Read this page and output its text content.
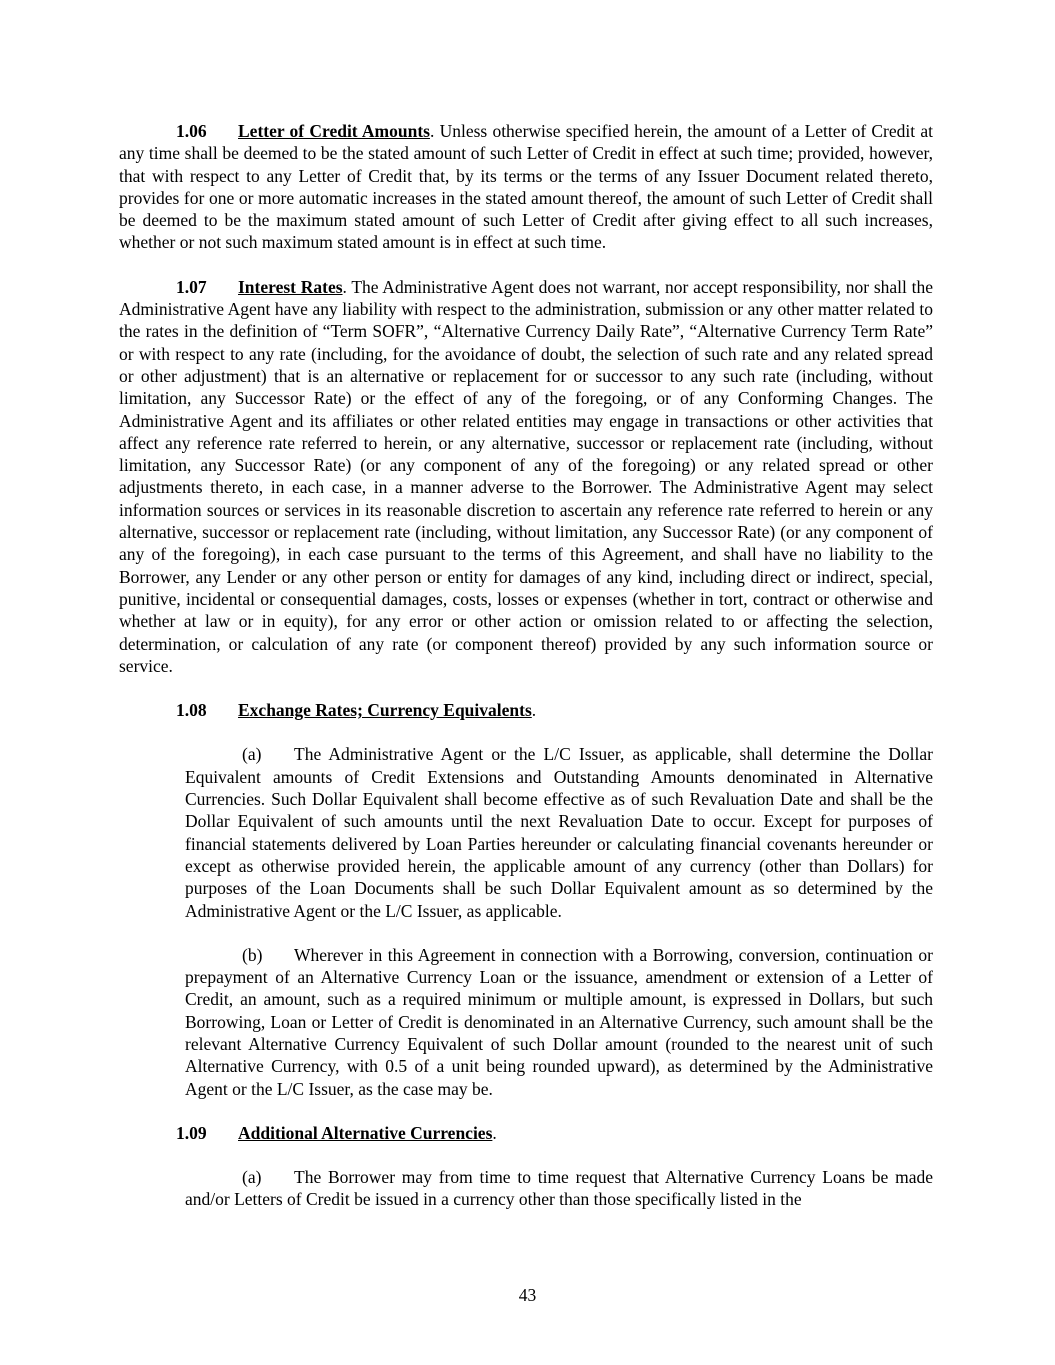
1.06 Letter of Credit Amounts. Unless otherwise specified herein, the amount of a Letter of Credit at any time shall be deemed to be the stated amount of such Letter of Credit in effect at such time; provided, however, that with respect to any Letter of Credit that, by its terms or the terms of any Issuer Document related thereto, provides for one or more automatic increases in the stated amount thereof, the amount of such Letter of Credit shall be deemed to be the maximum stated amount of such Letter of Credit after giving effect to all such increases, whether or not such maximum stated amount is in effect at such time.

1.07 Interest Rates. The Administrative Agent does not warrant, nor accept responsibility, nor shall the Administrative Agent have any liability with respect to the administration, submission or any other matter related to the rates in the definition of “Term SOFR”, “Alternative Currency Daily Rate”, “Alternative Currency Term Rate” or with respect to any rate (including, for the avoidance of doubt, the selection of such rate and any related spread or other adjustment) that is an alternative or replacement for or successor to any such rate (including, without limitation, any Successor Rate) or the effect of any of the foregoing, or of any Conforming Changes. The Administrative Agent and its affiliates or other related entities may engage in transactions or other activities that affect any reference rate referred to herein, or any alternative, successor or replacement rate (including, without limitation, any Successor Rate) (or any component of any of the foregoing) or any related spread or other adjustments thereto, in each case, in a manner adverse to the Borrower. The Administrative Agent may select information sources or services in its reasonable discretion to ascertain any reference rate referred to herein or any alternative, successor or replacement rate (including, without limitation, any Successor Rate) (or any component of any of the foregoing), in each case pursuant to the terms of this Agreement, and shall have no liability to the Borrower, any Lender or any other person or entity for damages of any kind, including direct or indirect, special, punitive, incidental or consequential damages, costs, losses or expenses (whether in tort, contract or otherwise and whether at law or in equity), for any error or other action or omission related to or affecting the selection, determination, or calculation of any rate (or component thereof) provided by any such information source or service.

1.08 Exchange Rates; Currency Equivalents.

(a) The Administrative Agent or the L/C Issuer, as applicable, shall determine the Dollar Equivalent amounts of Credit Extensions and Outstanding Amounts denominated in Alternative Currencies. Such Dollar Equivalent shall become effective as of such Revaluation Date and shall be the Dollar Equivalent of such amounts until the next Revaluation Date to occur. Except for purposes of financial statements delivered by Loan Parties hereunder or calculating financial covenants hereunder or except as otherwise provided herein, the applicable amount of any currency (other than Dollars) for purposes of the Loan Documents shall be such Dollar Equivalent amount as so determined by the Administrative Agent or the L/C Issuer, as applicable.

(b) Wherever in this Agreement in connection with a Borrowing, conversion, continuation or prepayment of an Alternative Currency Loan or the issuance, amendment or extension of a Letter of Credit, an amount, such as a required minimum or multiple amount, is expressed in Dollars, but such Borrowing, Loan or Letter of Credit is denominated in an Alternative Currency, such amount shall be the relevant Alternative Currency Equivalent of such Dollar amount (rounded to the nearest unit of such Alternative Currency, with 0.5 of a unit being rounded upward), as determined by the Administrative Agent or the L/C Issuer, as the case may be.

1.09 Additional Alternative Currencies.

(a) The Borrower may from time to time request that Alternative Currency Loans be made and/or Letters of Credit be issued in a currency other than those specifically listed in the

43
